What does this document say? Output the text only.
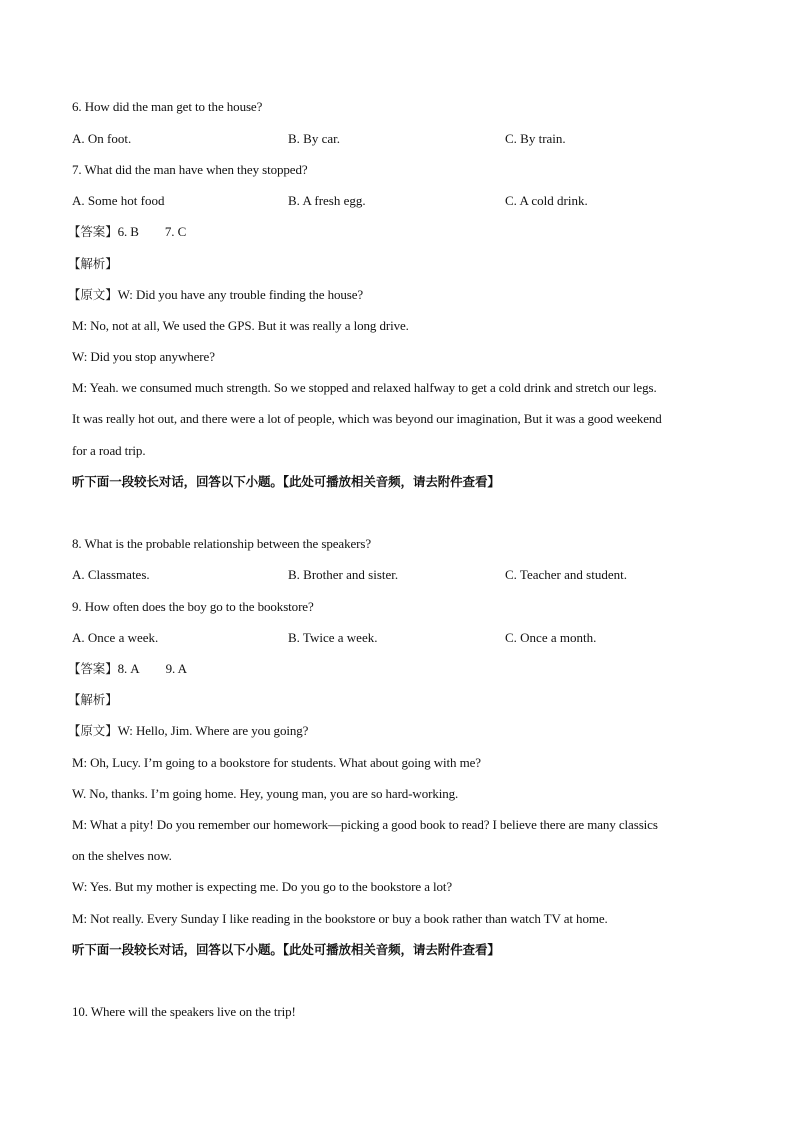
6. How did the man get to the house?
A. On foot.	B. By car.	C. By train.
7. What did the man have when they stopped?
A. Some hot food	B. A fresh egg.	C. A cold drink.
【答案】6. B 7. C
【解析】
【原文】W: Did you have any trouble finding the house?
M: No, not at all, We used the GPS. But it was really a long drive.
W: Did you stop anywhere?
M: Yeah. we consumed much strength. So we stopped and relaxed halfway to get a cold drink and stretch our legs.
It was really hot out, and there were a lot of people, which was beyond our imagination, But it was a good weekend
for a road trip.
听下面一段较长对话，回答以下小题。【此处可播放相关音频，请去附件查看】
8. What is the probable relationship between the speakers?
A. Classmates.	B. Brother and sister.	C. Teacher and student.
9. How often does the boy go to the bookstore?
A. Once a week.	B. Twice a week.	C. Once a month.
【答案】8. A 9. A
【解析】
【原文】W: Hello, Jim. Where are you going?
M: Oh, Lucy. I’m going to a bookstore for students. What about going with me?
W. No, thanks. I’m going home. Hey, young man, you are so hard-working.
M: What a pity! Do you remember our homework—picking a good book to read? I believe there are many classics
on the shelves now.
W: Yes. But my mother is expecting me. Do you go to the bookstore a lot?
M: Not really. Every Sunday I like reading in the bookstore or buy a book rather than watch TV at home.
听下面一段较长对话，回答以下小题。【此处可播放相关音频，请去附件查看】
10. Where will the speakers live on the trip!
